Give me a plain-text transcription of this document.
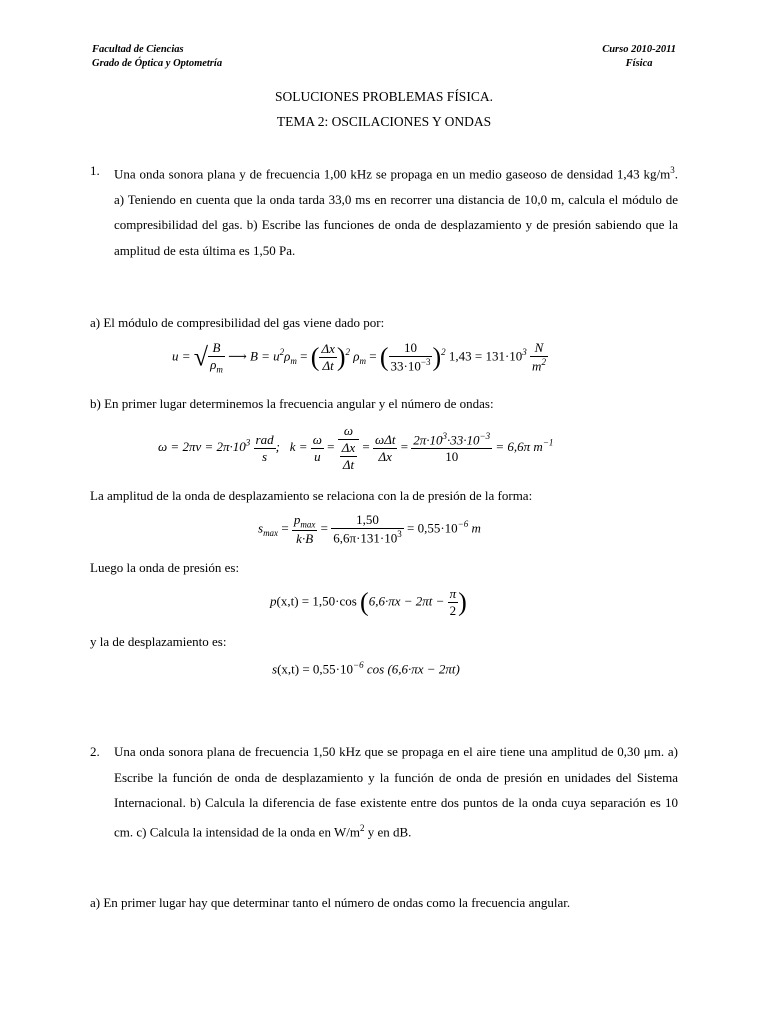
Facultad de Ciencias
Grado de Óptica y Optometría
Curso 2010-2011
Física
SOLUCIONES PROBLEMAS FÍSICA.
TEMA 2: OSCILACIONES Y ONDAS
1. Una onda sonora plana y de frecuencia 1,00 kHz se propaga en un medio gaseoso de densidad 1,43 $kg/m^3$. a) Teniendo en cuenta que la onda tarda 33,0 ms en recorrer una distancia de 10,0 m, calcula el módulo de compresibilidad del gas. b) Escribe las funciones de onda de desplazamiento y de presión sabiendo que la amplitud de esta última es 1,50 Pa.
a) El módulo de compresibilidad del gas viene dado por:
u = √ $\frac{B}{\rho_m}$ ⟶ $B = u^2\rho_m$ = ( $\frac{\Delta x}{\Delta t} )^2$ $\rho_m$ = ( $\frac{10}{33\cdot 10^{-3}} )^2$ $1,43 = 131\cdot 10^3 \frac{N}{m^2}$
b) En primer lugar determinemos la frecuencia angular y el número de ondas:
$\omega = 2\pi\nu = 2\pi\cdot 10^3 \frac{\text{rad}}{s}$ ; $k = \frac{\omega}{u} = \frac{\omega}{\frac{\Delta x}{\Delta t}} = \frac{\text{ωΔt}}{\Delta x} = \frac{2\pi\cdot 10^3\cdot 33\cdot 10^{-3}}{10} = 6,6\pi$ $m^{-1}$
La amplitud de la onda de desplazamiento se relaciona con la de presión de la forma:
$s_{max} = \frac{p_{max}}{k\cdot B} = \frac{1,50}{6,6\pi\cdot 131\cdot 10^3} = 0,55\cdot 10^{-6}$ m
Luego la onda de presión es:
p(x,t) = 1,50·cos ($6,6\cdot\pi x - 2\pi t - \frac{\pi}{2}$ )
y la de desplazamiento es:
$s(x,t) = 0,55\cdot 10^{-6}$ cos (6,6·πx − 2πt)
2. Una onda sonora plana de frecuencia 1,50 kHz que se propaga en el aire tiene una amplitud de 0,30 μm. a) Escribe la función de onda de desplazamiento y la función de onda de presión en unidades del Sistema Internacional. b) Calcula la diferencia de fase existente entre dos puntos de la onda cuya separación es 10 cm. c) Calcula la intensidad de la onda en $W/m^2$ y en dB.
a) En primer lugar hay que determinar tanto el número de ondas como la frecuencia angular.
